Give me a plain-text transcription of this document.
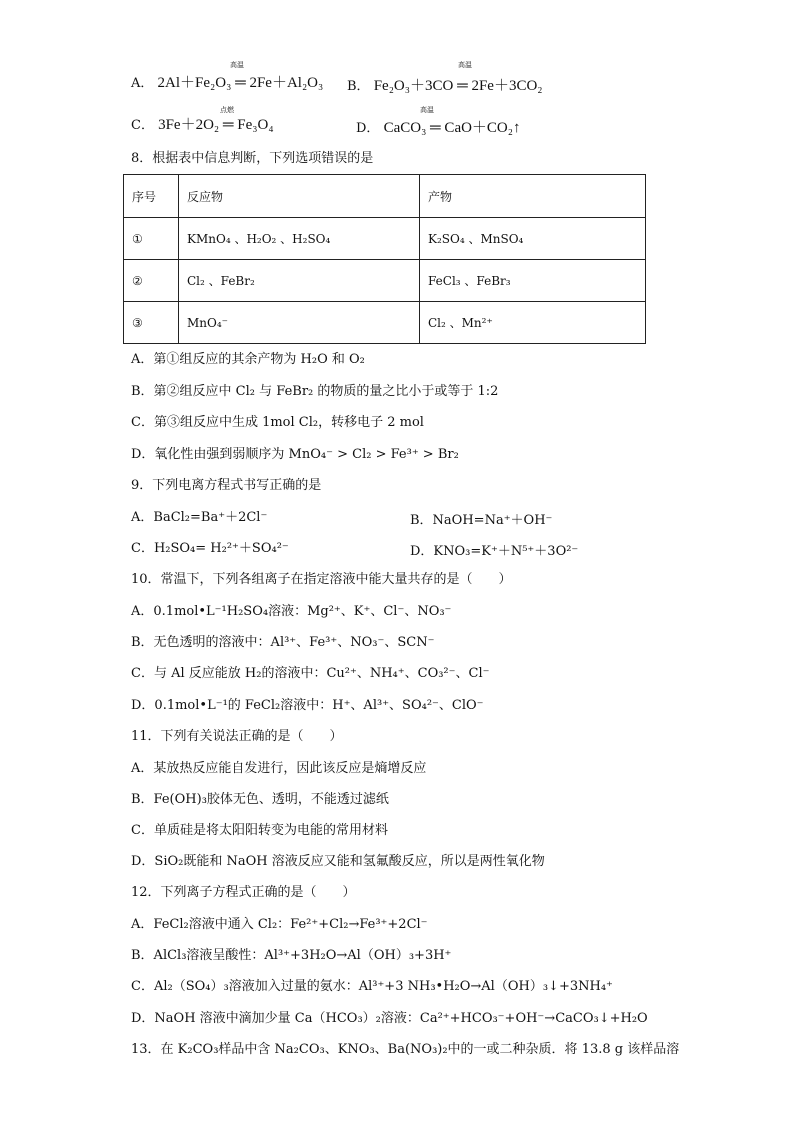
A． 2Al＋Fe₂O₃ ═ 2Fe＋Al₂O₃
高温
B． Fe₂O₃＋3CO ═ 2Fe＋3CO₂
高温
C． 3Fe＋2O₂ ═ Fe₃O₄
点燃
D． CaCO₃ ═ CaO＋CO₂↑
高温
8．根据表中信息判断，下列选项错误的是
序号	反应物	产物
①	KMnO₄ 、H₂O₂ 、H₂SO₄	K₂SO₄ 、MnSO₄
②	Cl₂ 、FeBr₂	FeCl₃ 、FeBr₃
③	MnO₄⁻	Cl₂ 、Mn²⁺
A．第①组反应的其余产物为 H₂O 和 O₂
B．第②组反应中 Cl₂ 与 FeBr₂ 的物质的量之比小于或等于 1:2
C．第③组反应中生成 1mol Cl₂，转移电子 2 mol
D．氧化性由强到弱顺序为 MnO₄⁻ > Cl₂ > Fe³⁺ > Br₂
9．下列电离方程式书写正确的是
A．BaCl₂=Ba⁺＋2Cl⁻	B．NaOH=Na⁺＋OH⁻
C．H₂SO₄= H₂²⁺＋SO₄²⁻	D．KNO₃=K⁺＋N⁵⁺＋3O²⁻
10．常温下，下列各组离子在指定溶液中能大量共存的是（　　）
A．0.1mol•L⁻¹H₂SO₄溶液：Mg²⁺、K⁺、Cl⁻、NO₃⁻
B．无色透明的溶液中：Al³⁺、Fe³⁺、NO₃⁻、SCN⁻
C．与 Al 反应能放 H₂的溶液中：Cu²⁺、NH₄⁺、CO₃²⁻、Cl⁻
D．0.1mol•L⁻¹的 FeCl₂溶液中：H⁺、Al³⁺、SO₄²⁻、ClO⁻
11．下列有关说法正确的是（　　）
A．某放热反应能自发进行，因此该反应是熵增反应
B．Fe(OH)₃胶体无色、透明，不能透过滤纸
C．单质硅是将太阳阳转变为电能的常用材料
D．SiO₂既能和 NaOH 溶液反应又能和氢氟酸反应，所以是两性氧化物
12．下列离子方程式正确的是（　　）
A．FeCl₂溶液中通入 Cl₂：Fe²⁺+Cl₂→Fe³⁺+2Cl⁻
B．AlCl₃溶液呈酸性：Al³⁺+3H₂O→Al（OH）₃+3H⁺
C．Al₂（SO₄）₃溶液加入过量的氨水：Al³⁺+3 NH₃•H₂O→Al（OH）₃↓+3NH₄⁺
D．NaOH 溶液中滴加少量 Ca（HCO₃）₂溶液：Ca²⁺+HCO₃⁻+OH⁻→CaCO₃↓+H₂O
13．在 K₂CO₃样品中含 Na₂CO₃、KNO₃、Ba(NO₃)₂中的一或二种杂质．将 13.8 g 该样品溶
